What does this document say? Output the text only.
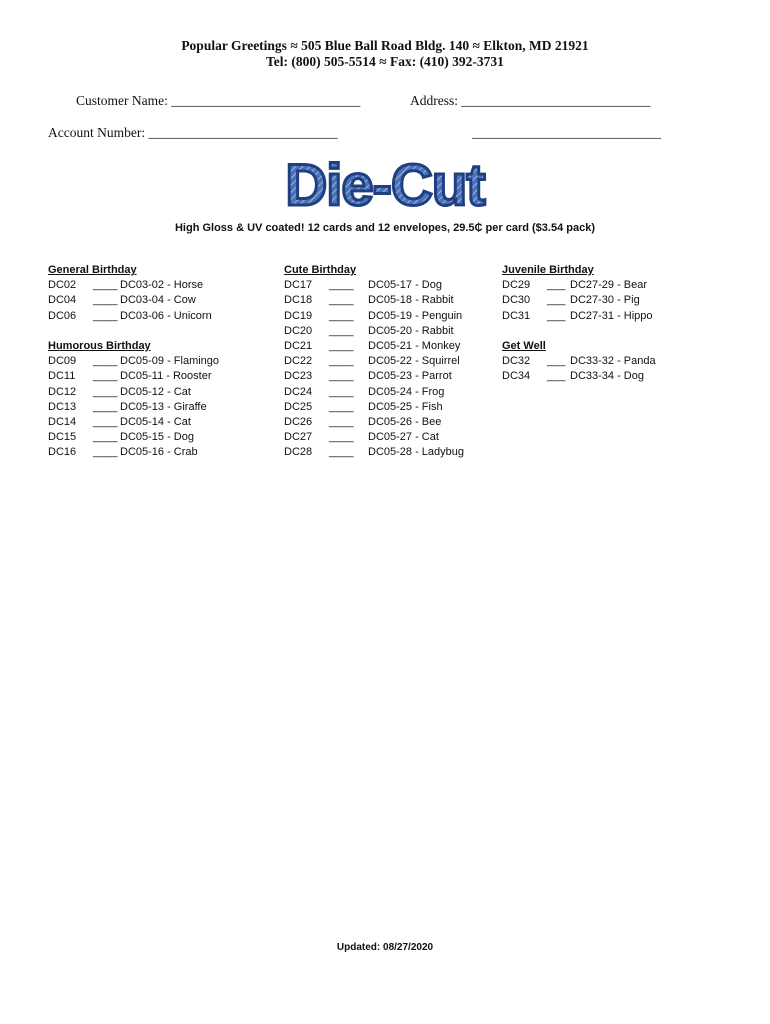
Popular Greetings ≈ 505 Blue Ball Road Bldg. 140 ≈ Elkton, MD 21921
Tel: (800) 505-5514 ≈ Fax: (410) 392-3731
Customer Name: ____________________________	Address: ____________________________
Account Number: ____________________________	____________________________
Die-Cut
High Gloss & UV coated! 12 cards and 12 envelopes, 29.5₵ per card ($3.54 pack)
General Birthday
DC02 ____ DC03-02 - Horse
DC04 ____ DC03-04 - Cow
DC06 ____ DC03-06 - Unicorn
Humorous Birthday
DC09 ____ DC05-09 - Flamingo
DC11 ____ DC05-11 - Rooster
DC12 ____ DC05-12 - Cat
DC13 ____ DC05-13 - Giraffe
DC14 ____ DC05-14 - Cat
DC15 ____ DC05-15 - Dog
DC16 ____ DC05-16 - Crab
Cute Birthday
DC17 ____ DC05-17 - Dog
DC18 ____ DC05-18 - Rabbit
DC19 ____ DC05-19 - Penguin
DC20 ____ DC05-20 - Rabbit
DC21 ____ DC05-21 - Monkey
DC22 ____ DC05-22 - Squirrel
DC23 ____ DC05-23 - Parrot
DC24 ____ DC05-24 - Frog
DC25 ____ DC05-25 - Fish
DC26 ____ DC05-26 - Bee
DC27 ____ DC05-27 - Cat
DC28 ____ DC05-28 - Ladybug
Juvenile Birthday
DC29 ___ DC27-29 - Bear
DC30 ___ DC27-30 - Pig
DC31 ___ DC27-31 - Hippo
Get Well
DC32 ___ DC33-32 - Panda
DC34 ___ DC33-34 - Dog
Updated: 08/27/2020
